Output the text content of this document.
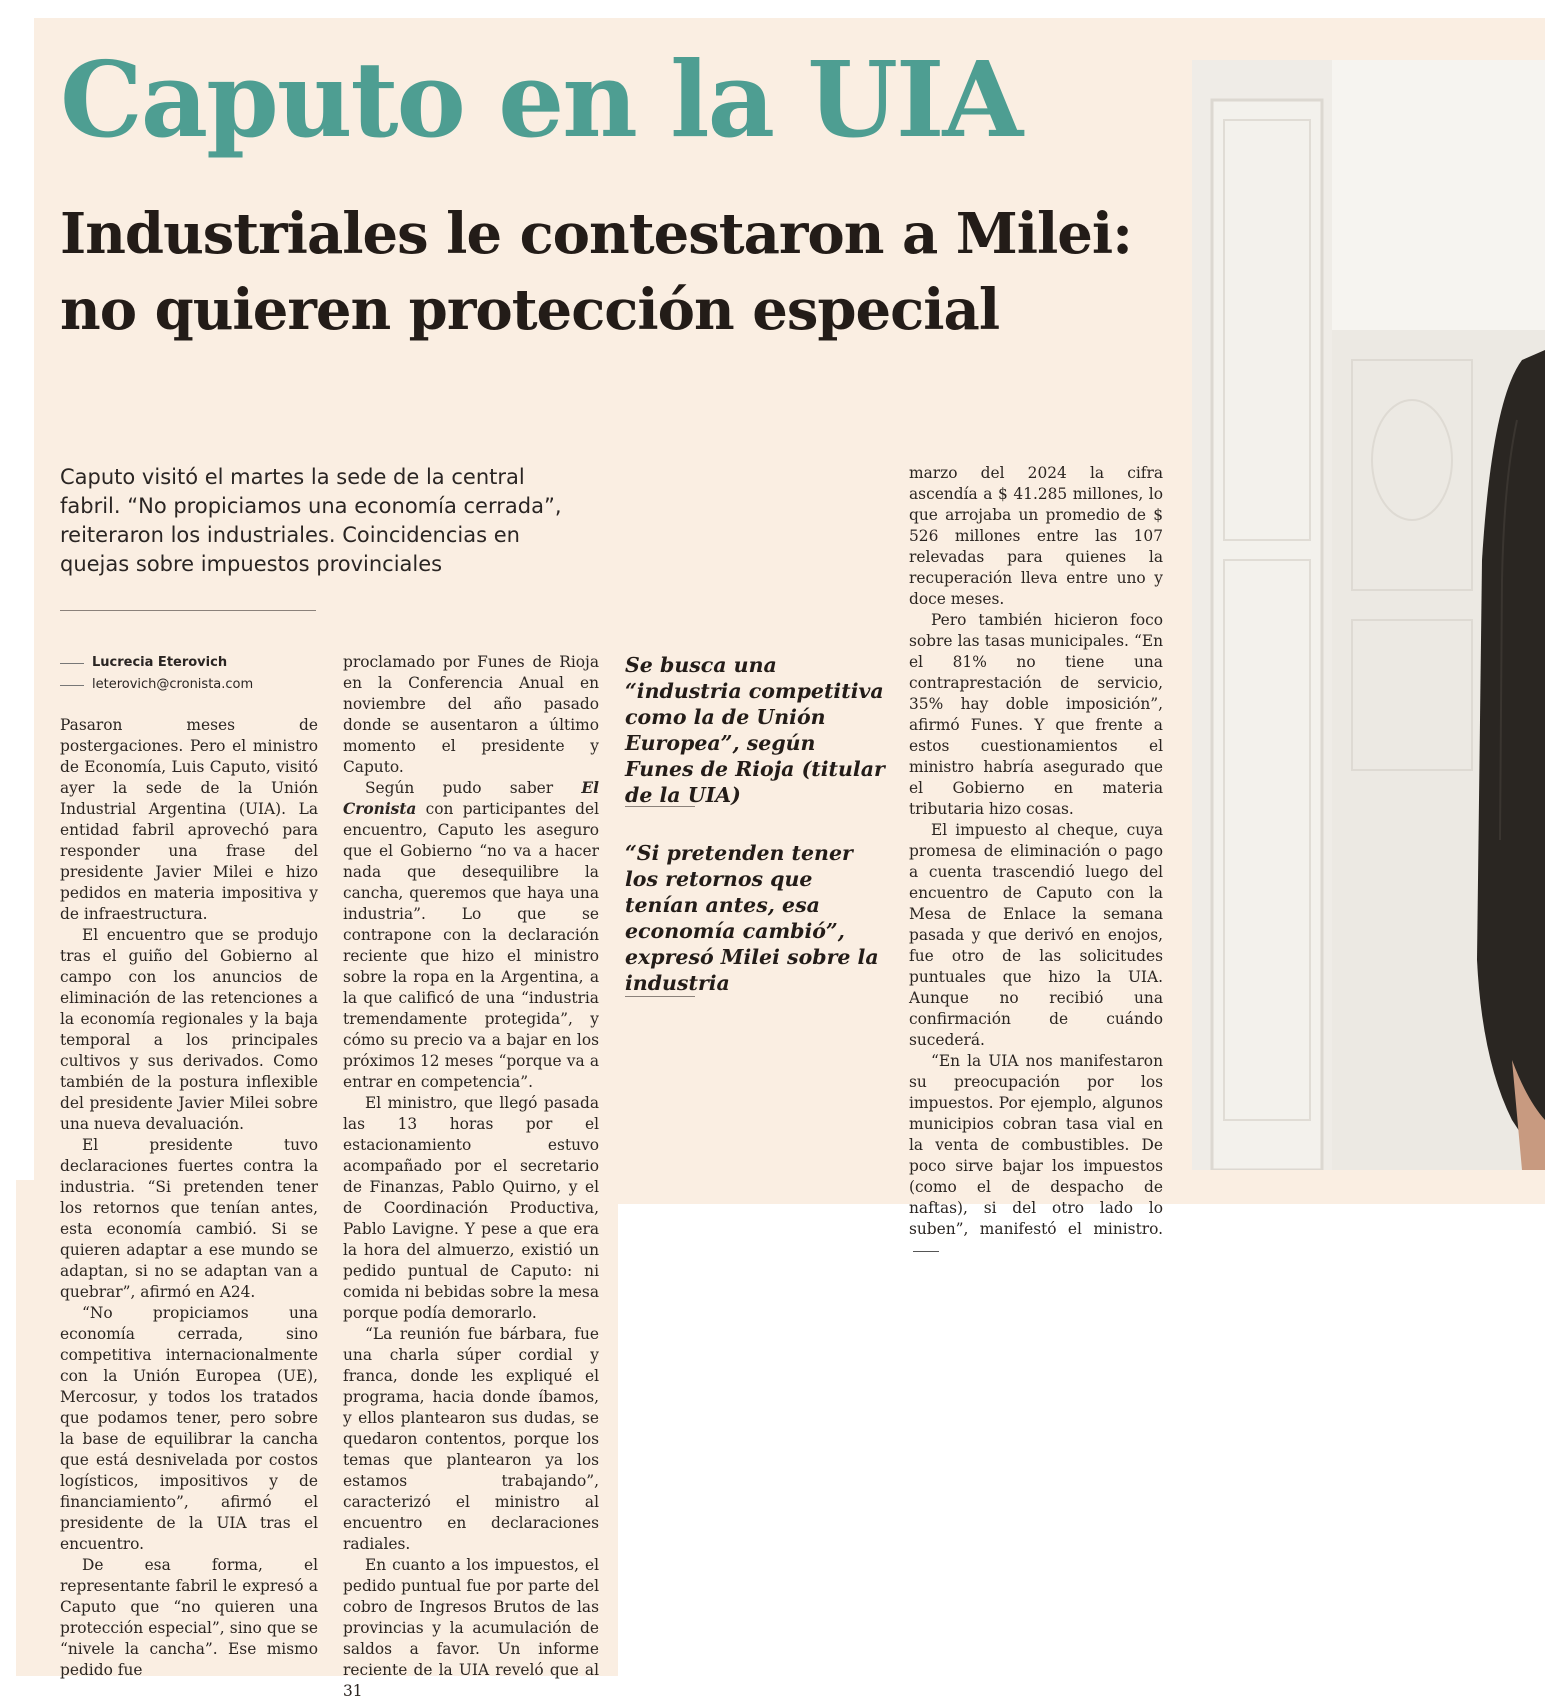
Caputo en la UIA
Industriales le contestaron a Milei: no quieren protección especial

Caputo visitó el martes la sede de la central fabril. “No propiciamos una economía cerrada”, reiteraron los industriales. Coincidencias en quejas sobre impuestos provinciales

Lucrecia Eterovich
leterovich@cronista.com

Pasaron meses de postergaciones. Pero el ministro de Economía, Luis Caputo, visitó ayer la sede de la Unión Industrial Argentina (UIA). La entidad fabril aprovechó para responder una frase del presidente Javier Milei e hizo pedidos en materia impositiva y de infraestructura.

El encuentro que se produjo tras el guiño del Gobierno al campo con los anuncios de eliminación de las retenciones a la economía regionales y la baja temporal a los principales cultivos y sus derivados. Como también de la postura inflexible del presidente Javier Milei sobre una nueva devaluación.

El presidente tuvo declaraciones fuertes contra la industria. “Si pretenden tener los retornos que tenían antes, esta economía cambió. Si se quieren adaptar a ese mundo se adaptan, si no se adaptan van a quebrar”, afirmó en A24.

“No propiciamos una economía cerrada, sino competitiva internacionalmente con la Unión Europea (UE), Mercosur, y todos los tratados que podamos tener, pero sobre la base de equilibrar la cancha que está desnivelada por costos logísticos, impositivos y de financiamiento”, afirmó el presidente de la UIA tras el encuentro.

De esa forma, el representante fabril le expresó a Caputo que “no quieren una protección especial”, sino que se “nivele la cancha”. Ese mismo pedido fue

proclamado por Funes de Rioja en la Conferencia Anual en noviembre del año pasado donde se ausentaron a último momento el presidente y Caputo.

Según pudo saber El Cronista con participantes del encuentro, Caputo les aseguro que el Gobierno “no va a hacer nada que desequilibre la cancha, queremos que haya una industria”. Lo que se contrapone con la declaración reciente que hizo el ministro sobre la ropa en la Argentina, a la que calificó de una “industria tremendamente protegida”, y cómo su precio va a bajar en los próximos 12 meses “porque va a entrar en competencia”.

El ministro, que llegó pasada las 13 horas por el estacionamiento estuvo acompañado por el secretario de Finanzas, Pablo Quirno, y el de Coordinación Productiva, Pablo Lavigne. Y pese a que era la hora del almuerzo, existió un pedido puntual de Caputo: ni comida ni bebidas sobre la mesa porque podía demorarlo.

“La reunión fue bárbara, fue una charla súper cordial y franca, donde les expliqué el programa, hacia donde íbamos, y ellos plantearon sus dudas, se quedaron contentos, porque los temas que plantearon ya los estamos trabajando”, caracterizó el ministro al encuentro en declaraciones radiales.

En cuanto a los impuestos, el pedido puntual fue por parte del cobro de Ingresos Brutos de las provincias y la acumulación de saldos a favor. Un informe reciente de la UIA reveló que al 31

Se busca una “industria competitiva como la de Unión Europea”, según Funes de Rioja (titular de la UIA)

“Si pretenden tener los retornos que tenían antes, esa economía cambió”, expresó Milei sobre la industria

marzo del 2024 la cifra ascendía a $ 41.285 millones, lo que arrojaba un promedio de $ 526 millones entre las 107 relevadas para quienes la recuperación lleva entre uno y doce meses.

Pero también hicieron foco sobre las tasas municipales. “En el 81% no tiene una contraprestación de servicio, 35% hay doble imposición”, afirmó Funes. Y que frente a estos cuestionamientos el ministro habría asegurado que el Gobierno en materia tributaria hizo cosas.

El impuesto al cheque, cuya promesa de eliminación o pago a cuenta trascendió luego del encuentro de Caputo con la Mesa de Enlace la semana pasada y que derivó en enojos, fue otro de las solicitudes puntuales que hizo la UIA. Aunque no recibió una confirmación de cuándo sucederá.

“En la UIA nos manifestaron su preocupación por los impuestos. Por ejemplo, algunos municipios cobran tasa vial en la venta de combustibles. De poco sirve bajar los impuestos (como el de despacho de naftas), si del otro lado lo suben”, manifestó el ministro.
